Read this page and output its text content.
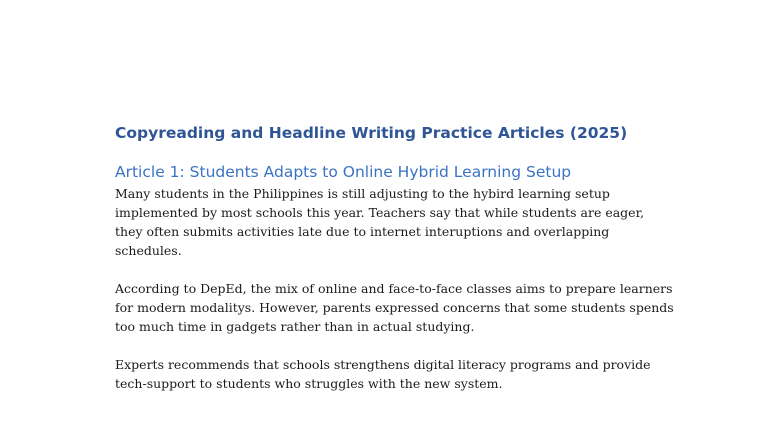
Copyreading and Headline Writing Practice Articles (2025)
Article 1: Students Adapts to Online Hybrid Learning Setup

Many students in the Philippines is still adjusting to the hybird learning setup implemented by most schools this year. Teachers say that while students are eager, they often submits activities late due to internet interuptions and overlapping schedules.

According to DepEd, the mix of online and face-to-face classes aims to prepare learners for modern modalitys. However, parents expressed concerns that some students spends too much time in gadgets rather than in actual studying.

Experts recommends that schools strengthens digital literacy programs and provide tech-support to students who struggles with the new system.
